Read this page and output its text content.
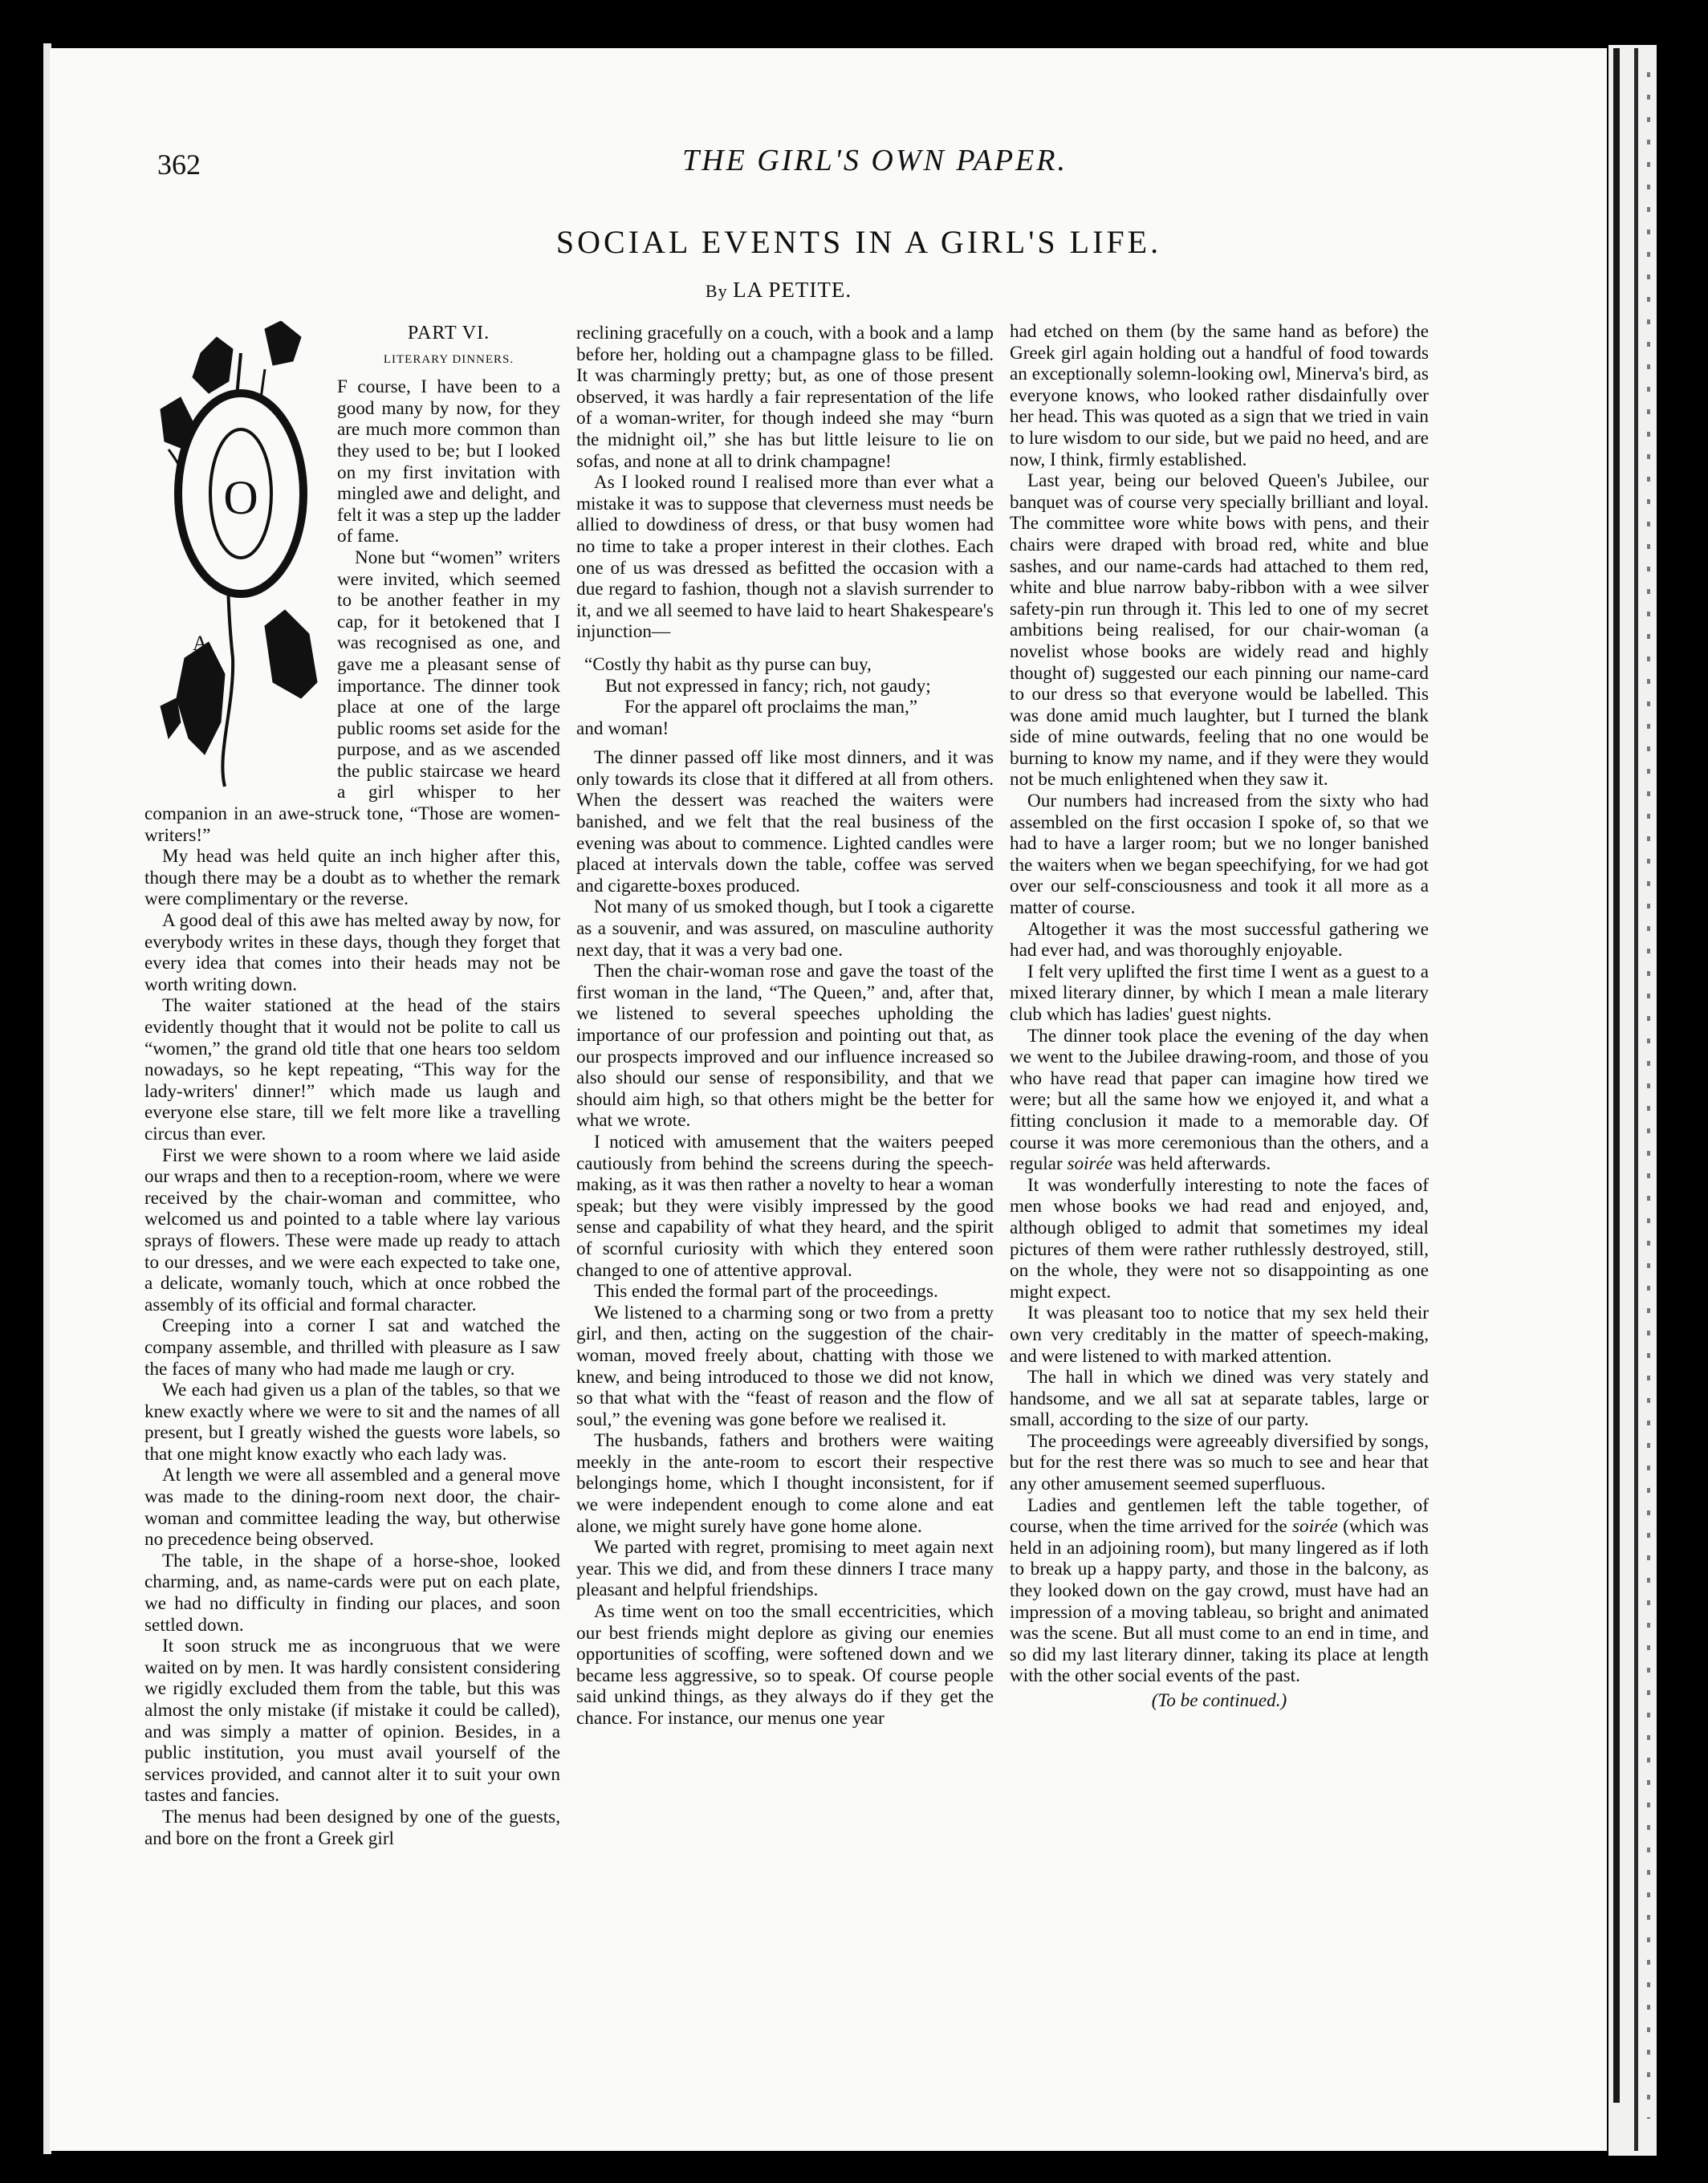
362	THE GIRL'S OWN PAPER.
SOCIAL EVENTS IN A GIRL'S LIFE.
By LA PETITE.
O
A
PART VI.
LITERARY DINNERS.

F course, I have been to a good many by now, for they are much more common than they used to be; but I looked on my first invitation with mingled awe and delight, and felt it was a step up the ladder of fame.

None but “women” writers were invited, which seemed to be another feather in my cap, for it betokened that I was recognised as one, and gave me a pleasant sense of importance. The dinner took place at one of the large public rooms set aside for the purpose, and as we ascended the public staircase we heard a girl whisper to her companion in an awe-struck tone, “Those are women-writers!”

My head was held quite an inch higher after this, though there may be a doubt as to whether the remark were complimentary or the reverse.

A good deal of this awe has melted away by now, for everybody writes in these days, though they forget that every idea that comes into their heads may not be worth writing down.

The waiter stationed at the head of the stairs evidently thought that it would not be polite to call us “women,” the grand old title that one hears too seldom nowadays, so he kept repeating, “This way for the lady-writers' dinner!” which made us laugh and everyone else stare, till we felt more like a travelling circus than ever.

First we were shown to a room where we laid aside our wraps and then to a reception-room, where we were received by the chair-woman and committee, who welcomed us and pointed to a table where lay various sprays of flowers. These were made up ready to attach to our dresses, and we were each expected to take one, a delicate, womanly touch, which at once robbed the assembly of its official and formal character.

Creeping into a corner I sat and watched the company assemble, and thrilled with pleasure as I saw the faces of many who had made me laugh or cry.

We each had given us a plan of the tables, so that we knew exactly where we were to sit and the names of all present, but I greatly wished the guests wore labels, so that one might know exactly who each lady was.

At length we were all assembled and a general move was made to the dining-room next door, the chair-woman and committee leading the way, but otherwise no precedence being observed.

The table, in the shape of a horse-shoe, looked charming, and, as name-cards were put on each plate, we had no difficulty in finding our places, and soon settled down.

It soon struck me as incongruous that we were waited on by men. It was hardly consistent considering we rigidly excluded them from the table, but this was almost the only mistake (if mistake it could be called), and was simply a matter of opinion. Besides, in a public institution, you must avail yourself of the services provided, and cannot alter it to suit your own tastes and fancies.

The menus had been designed by one of the guests, and bore on the front a Greek girl

reclining gracefully on a couch, with a book and a lamp before her, holding out a champagne glass to be filled. It was charmingly pretty; but, as one of those present observed, it was hardly a fair representation of the life of a woman-writer, for though indeed she may “burn the midnight oil,” she has but little leisure to lie on sofas, and none at all to drink champagne!

As I looked round I realised more than ever what a mistake it was to suppose that cleverness must needs be allied to dowdiness of dress, or that busy women had no time to take a proper interest in their clothes. Each one of us was dressed as befitted the occasion with a due regard to fashion, though not a slavish surrender to it, and we all seemed to have laid to heart Shakespeare's injunction—

“Costly thy habit as thy purse can buy,
But not expressed in fancy; rich, not gaudy;
For the apparel oft proclaims the man,”
and woman!

The dinner passed off like most dinners, and it was only towards its close that it differed at all from others. When the dessert was reached the waiters were banished, and we felt that the real business of the evening was about to commence. Lighted candles were placed at intervals down the table, coffee was served and cigarette-boxes produced.

Not many of us smoked though, but I took a cigarette as a souvenir, and was assured, on masculine authority next day, that it was a very bad one.

Then the chair-woman rose and gave the toast of the first woman in the land, “The Queen,” and, after that, we listened to several speeches upholding the importance of our profession and pointing out that, as our prospects improved and our influence increased so also should our sense of responsibility, and that we should aim high, so that others might be the better for what we wrote.

I noticed with amusement that the waiters peeped cautiously from behind the screens during the speech-making, as it was then rather a novelty to hear a woman speak; but they were visibly impressed by the good sense and capability of what they heard, and the spirit of scornful curiosity with which they entered soon changed to one of attentive approval.

This ended the formal part of the proceedings.

We listened to a charming song or two from a pretty girl, and then, acting on the suggestion of the chair-woman, moved freely about, chatting with those we knew, and being introduced to those we did not know, so that what with the “feast of reason and the flow of soul,” the evening was gone before we realised it.

The husbands, fathers and brothers were waiting meekly in the ante-room to escort their respective belongings home, which I thought inconsistent, for if we were independent enough to come alone and eat alone, we might surely have gone home alone.

We parted with regret, promising to meet again next year. This we did, and from these dinners I trace many pleasant and helpful friendships.

As time went on too the small eccentricities, which our best friends might deplore as giving our enemies opportunities of scoffing, were softened down and we became less aggressive, so to speak. Of course people said unkind things, as they always do if they get the chance. For instance, our menus one year

had etched on them (by the same hand as before) the Greek girl again holding out a handful of food towards an exceptionally solemn-looking owl, Minerva's bird, as everyone knows, who looked rather disdainfully over her head. This was quoted as a sign that we tried in vain to lure wisdom to our side, but we paid no heed, and are now, I think, firmly established.

Last year, being our beloved Queen's Jubilee, our banquet was of course very specially brilliant and loyal. The committee wore white bows with pens, and their chairs were draped with broad red, white and blue sashes, and our name-cards had attached to them red, white and blue narrow baby-ribbon with a wee silver safety-pin run through it. This led to one of my secret ambitions being realised, for our chair-woman (a novelist whose books are widely read and highly thought of) suggested our each pinning our name-card to our dress so that everyone would be labelled. This was done amid much laughter, but I turned the blank side of mine outwards, feeling that no one would be burning to know my name, and if they were they would not be much enlightened when they saw it.

Our numbers had increased from the sixty who had assembled on the first occasion I spoke of, so that we had to have a larger room; but we no longer banished the waiters when we began speechifying, for we had got over our self-consciousness and took it all more as a matter of course.

Altogether it was the most successful gathering we had ever had, and was thoroughly enjoyable.

I felt very uplifted the first time I went as a guest to a mixed literary dinner, by which I mean a male literary club which has ladies' guest nights.

The dinner took place the evening of the day when we went to the Jubilee drawing-room, and those of you who have read that paper can imagine how tired we were; but all the same how we enjoyed it, and what a fitting conclusion it made to a memorable day. Of course it was more ceremonious than the others, and a regular soirée was held afterwards.

It was wonderfully interesting to note the faces of men whose books we had read and enjoyed, and, although obliged to admit that sometimes my ideal pictures of them were rather ruthlessly destroyed, still, on the whole, they were not so disappointing as one might expect.

It was pleasant too to notice that my sex held their own very creditably in the matter of speech-making, and were listened to with marked attention.

The hall in which we dined was very stately and handsome, and we all sat at separate tables, large or small, according to the size of our party.

The proceedings were agreeably diversified by songs, but for the rest there was so much to see and hear that any other amusement seemed superfluous.

Ladies and gentlemen left the table together, of course, when the time arrived for the soirée (which was held in an adjoining room), but many lingered as if loth to break up a happy party, and those in the balcony, as they looked down on the gay crowd, must have had an impression of a moving tableau, so bright and animated was the scene. But all must come to an end in time, and so did my last literary dinner, taking its place at length with the other social events of the past.

(To be continued.)
